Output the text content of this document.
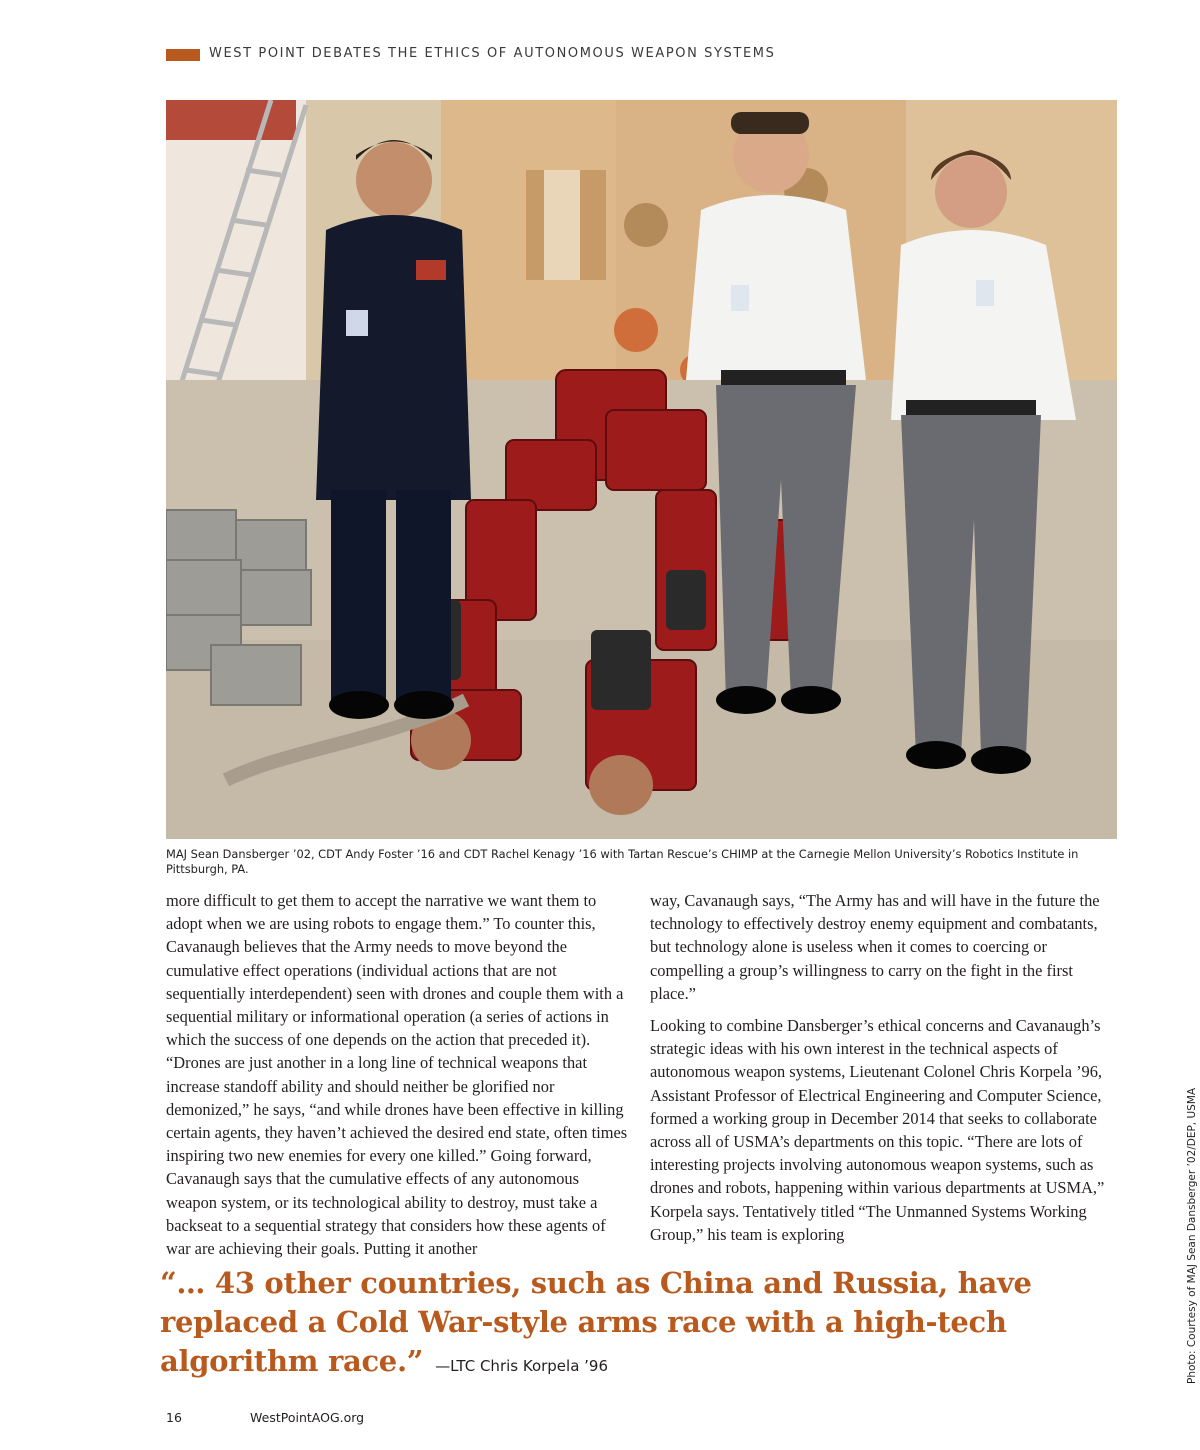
WEST POINT DEBATES THE ETHICS OF AUTONOMOUS WEAPON SYSTEMS
MAJ Sean Dansberger ’02, CDT Andy Foster ’16 and CDT Rachel Kenagy ’16 with Tartan Rescue’s CHIMP at the Carnegie Mellon University’s Robotics Institute in Pittsburgh, PA.

more difficult to get them to accept the narrative we want them to adopt when we are using robots to engage them.” To counter this, Cavanaugh believes that the Army needs to move beyond the cumulative effect operations (individual actions that are not sequentially interdependent) seen with drones and couple them with a sequential military or informational operation (a series of actions in which the success of one depends on the action that preceded it). “Drones are just another in a long line of technical weapons that increase standoff ability and should neither be glorified nor demonized,” he says, “and while drones have been effective in killing certain agents, they haven’t achieved the desired end state, often times inspiring two new enemies for every one killed.” Going forward, Cavanaugh says that the cumulative effects of any autonomous weapon system, or its technological ability to destroy, must take a backseat to a sequential strategy that considers how these agents of war are achieving their goals. Putting it another

way, Cavanaugh says, “The Army has and will have in the future the technology to effectively destroy enemy equipment and combatants, but technology alone is useless when it comes to coercing or compelling a group’s willingness to carry on the fight in the first place.”

Looking to combine Dansberger’s ethical concerns and Cavanaugh’s strategic ideas with his own interest in the technical aspects of autonomous weapon systems, Lieutenant Colonel Chris Korpela ’96, Assistant Professor of Electrical Engineering and Computer Science, formed a working group in December 2014 that seeks to collaborate across all of USMA’s departments on this topic. “There are lots of interesting projects involving autonomous weapon systems, such as drones and robots, happening within various departments at USMA,” Korpela says. Tentatively titled “The Unmanned Systems Working Group,” his team is exploring

“… 43 other countries, such as China and Russia, have replaced a Cold War-style arms race with a high-tech algorithm race.” —LTC Chris Korpela ’96
16	WestPointAOG.org
Photo: Courtesy of MAJ Sean Dansberger ’02/DEP, USMA
